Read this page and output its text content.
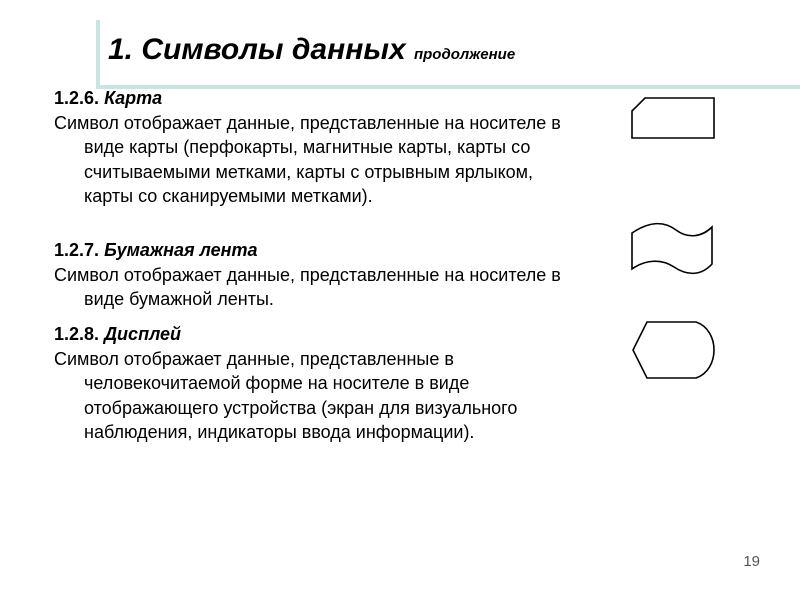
1. Символы данных продолжение
1.2.6. Карта
Символ отображает данные, представленные на носителе в виде карты (перфокарты, магнитные карты, карты со считываемыми метками, карты с отрывным ярлыком, карты со сканируемыми метками).
1.2.7. Бумажная лента
Символ отображает данные, представленные на носителе в виде бумажной ленты.
1.2.8. Дисплей
Символ отображает данные, представленные в человекочитаемой форме на носителе в виде отображающего устройства (экран для визуального наблюдения, индикаторы ввода информации).
19
